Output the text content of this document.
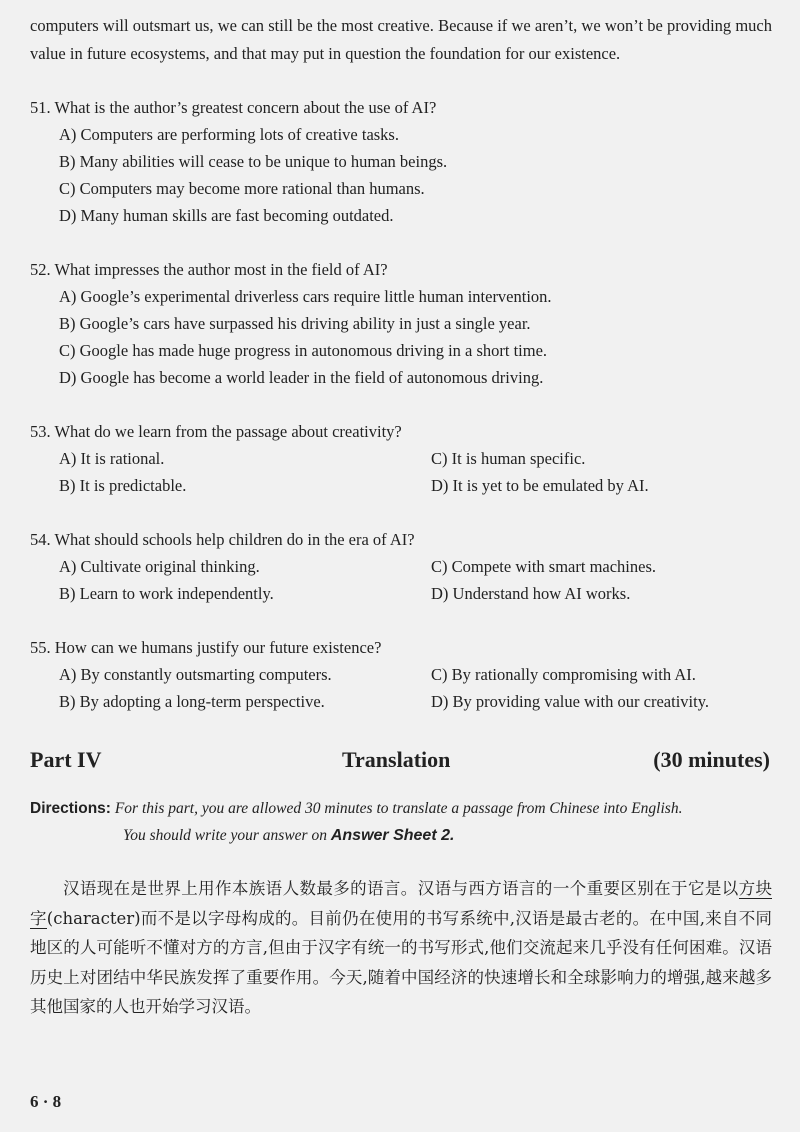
computers will outsmart us, we can still be the most creative. Because if we aren’t, we won’t be providing much value in future ecosystems, and that may put in question the foundation for our existence.
51. What is the author’s greatest concern about the use of AI?
A) Computers are performing lots of creative tasks.
B) Many abilities will cease to be unique to human beings.
C) Computers may become more rational than humans.
D) Many human skills are fast becoming outdated.
52. What impresses the author most in the field of AI?
A) Google’s experimental driverless cars require little human intervention.
B) Google’s cars have surpassed his driving ability in just a single year.
C) Google has made huge progress in autonomous driving in a short time.
D) Google has become a world leader in the field of autonomous driving.
53. What do we learn from the passage about creativity?
A) It is rational.	C) It is human specific.
B) It is predictable.	D) It is yet to be emulated by AI.
54. What should schools help children do in the era of AI?
A) Cultivate original thinking.	C) Compete with smart machines.
B) Learn to work independently.	D) Understand how AI works.
55. How can we humans justify our future existence?
A) By constantly outsmarting computers.	C) By rationally compromising with AI.
B) By adopting a long-term perspective.	D) By providing value with our creativity.
Part IV	Translation	(30 minutes)
Directions: For this part, you are allowed 30 minutes to translate a passage from Chinese into English.
You should write your answer on Answer Sheet 2.
汉语现在是世界上用作本族语人数最多的语言。汉语与西方语言的一个重要区别在于它是以方块字(character)而不是以字母构成的。目前仍在使用的书写系统中,汉语是最古老的。在中国,来自不同地区的人可能听不懂对方的方言,但由于汉字有统一的书写形式,他们交流起来几乎没有任何困难。汉语历史上对团结中华民族发挥了重要作用。今天,随着中国经济的快速增长和全球影响力的增强,越来越多其他国家的人也开始学习汉语。
6 · 8
